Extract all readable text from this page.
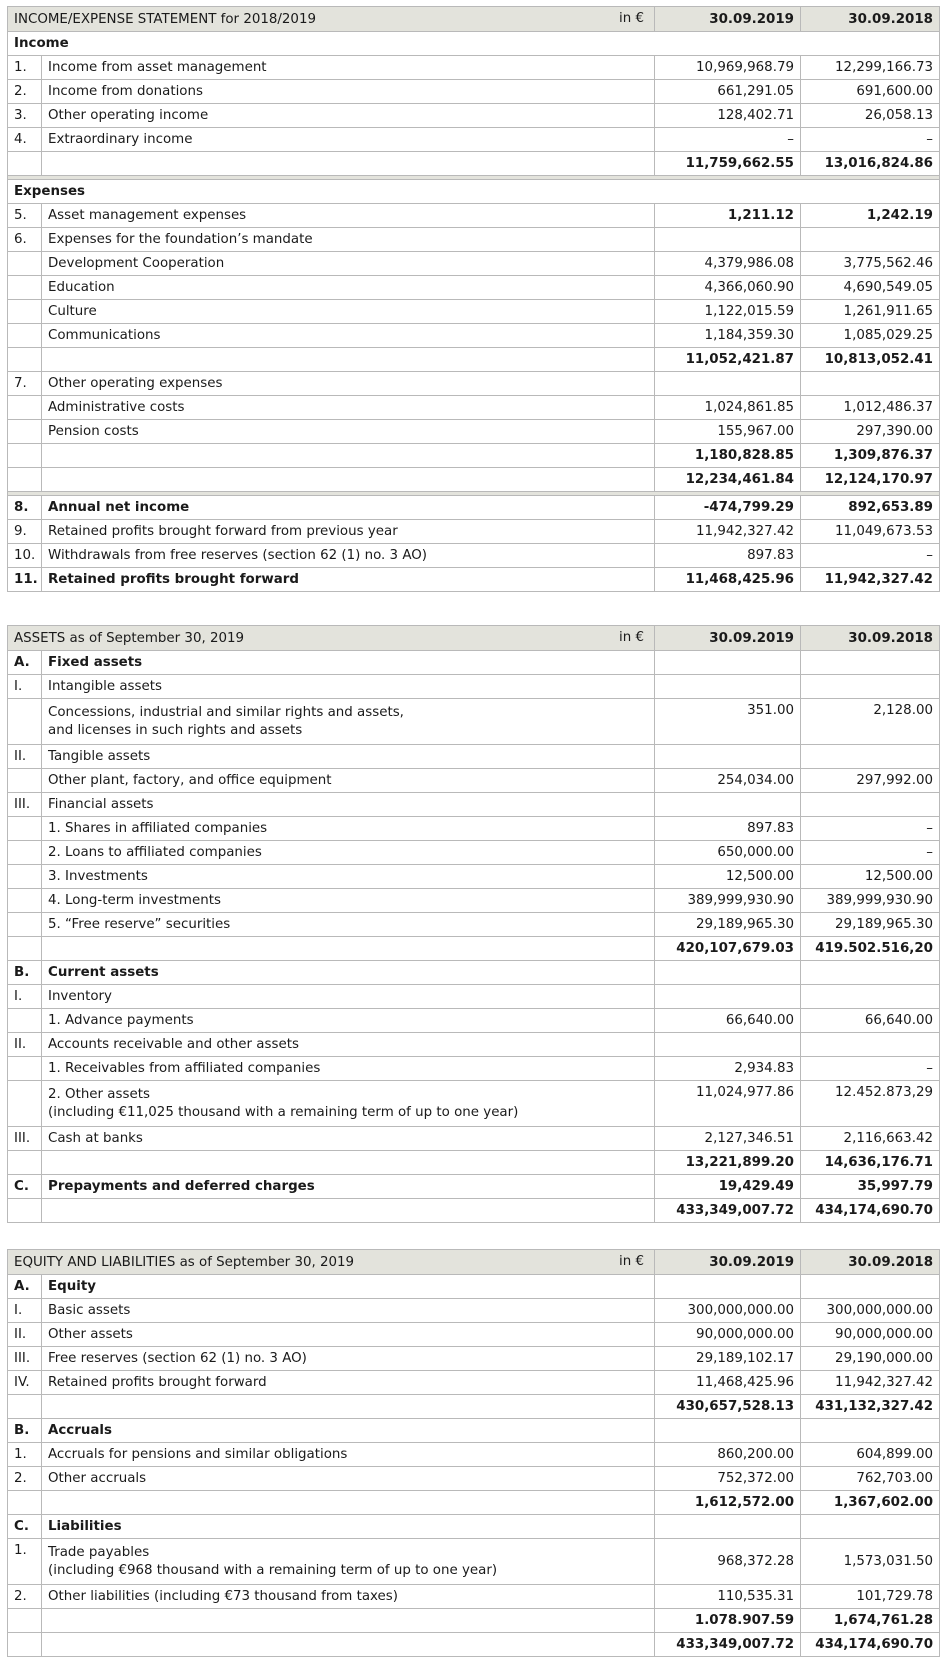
INCOME/EXPENSE STATEMENT for 2018/2019 in €		30.09.2019	30.09.2018
Income			
1.	Income from asset management	10,969,968.79	12,299,166.73
2.	Income from donations	661,291.05	691,600.00
3.	Other operating income	128,402.71	26,058.13
4.	Extraordinary income	–	–
		11,759,662.55	13,016,824.86

Expenses			
5.	Asset management expenses	1,211.12	1,242.19
6.	Expenses for the foundation’s mandate		
	Development Cooperation	4,379,986.08	3,775,562.46
	Education	4,366,060.90	4,690,549.05
	Culture	1,122,015.59	1,261,911.65
	Communications	1,184,359.30	1,085,029.25
		11,052,421.87	10,813,052.41
7.	Other operating expenses		
	Administrative costs	1,024,861.85	1,012,486.37
	Pension costs	155,967.00	297,390.00
		1,180,828.85	1,309,876.37
		12,234,461.84	12,124,170.97

8.	Annual net income	-474,799.29	892,653.89
9.	Retained profits brought forward from previous year	11,942,327.42	11,049,673.53
10.	Withdrawals from free reserves (section 62 (1) no. 3 AO)	897.83	–
11.	Retained profits brought forward	11,468,425.96	11,942,327.42
ASSETS as of September 30, 2019 in €		30.09.2019	30.09.2018
A.	Fixed assets		
I.	Intangible assets		

	Concessions, industrial and similar rights and assets,
and licenses in such rights and assets	351.00	2,128.00
II.	Tangible assets		
	Other plant, factory, and office equipment	254,034.00	297,992.00
III.	Financial assets		
	1. Shares in affiliated companies	897.83	–
	2. Loans to affiliated companies	650,000.00	–
	3. Investments	12,500.00	12,500.00
	4. Long-term investments	389,999,930.90	389,999,930.90
	5. “Free reserve” securities	29,189,965.30	29,189,965.30
		420,107,679.03	419.502.516,20
B.	Current assets		
I.	Inventory		
	1. Advance payments	66,640.00	66,640.00
II.	Accounts receivable and other assets		
	1. Receivables from affiliated companies	2,934.83	–

	2. Other assets
(including €11,025 thousand with a remaining term of up to one year)	11,024,977.86	12.452.873,29
III.	Cash at banks	2,127,346.51	2,116,663.42
		13,221,899.20	14,636,176.71
C.	Prepayments and deferred charges	19,429.49	35,997.79
		433,349,007.72	434,174,690.70
EQUITY AND LIABILITIES as of September 30, 2019 in €		30.09.2019	30.09.2018
A.	Equity		
I.	Basic assets	300,000,000.00	300,000,000.00
II.	Other assets	90,000,000.00	90,000,000.00
III.	Free reserves (section 62 (1) no. 3 AO)	29,189,102.17	29,190,000.00
IV.	Retained profits brought forward	11,468,425.96	11,942,327.42
		430,657,528.13	431,132,327.42
B.	Accruals		
1.	Accruals for pensions and similar obligations	860,200.00	604,899.00
2.	Other accruals	752,372.00	762,703.00
		1,612,572.00	1,367,602.00
C.	Liabilities		
1.	Trade payables
(including €968 thousand with a remaining term of up to one year)	968,372.28	1,573,031.50
2.	Other liabilities (including €73 thousand from taxes)	110,535.31	101,729.78
		1.078.907.59	1,674,761.28
		433,349,007.72	434,174,690.70
